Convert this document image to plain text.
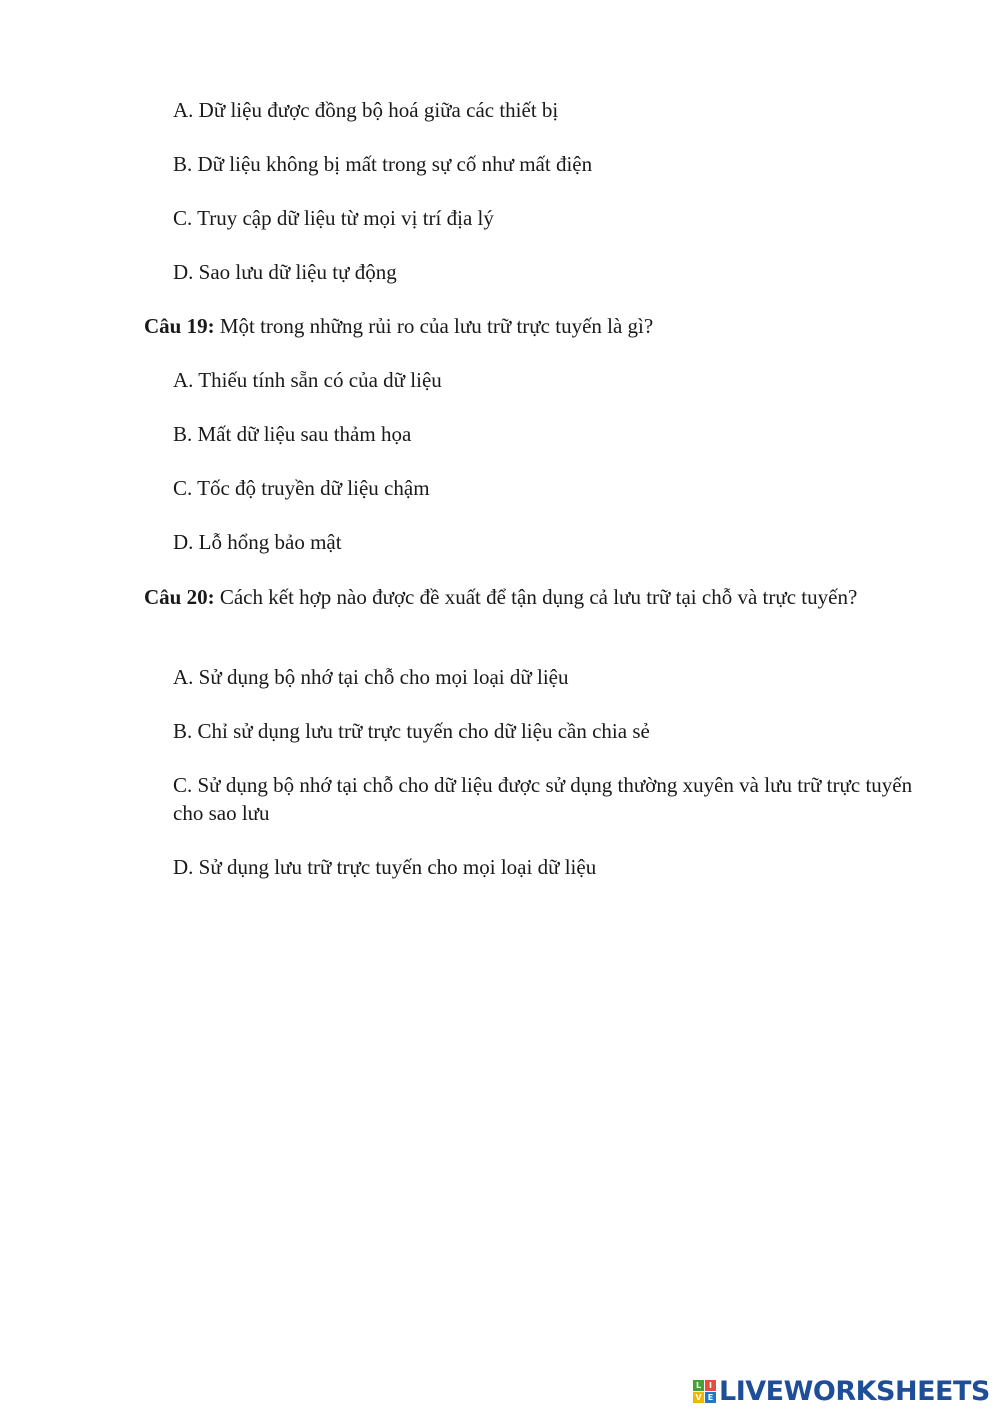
A. Dữ liệu được đồng bộ hoá giữa các thiết bị
B. Dữ liệu không bị mất trong sự cố như mất điện
C. Truy cập dữ liệu từ mọi vị trí địa lý
D. Sao lưu dữ liệu tự động
Câu 19: Một trong những rủi ro của lưu trữ trực tuyến là gì?
A. Thiếu tính sẵn có của dữ liệu
B. Mất dữ liệu sau thảm họa
C. Tốc độ truyền dữ liệu chậm
D. Lỗ hổng bảo mật
Câu 20: Cách kết hợp nào được đề xuất để tận dụng cả lưu trữ tại chỗ và trực tuyến?
A. Sử dụng bộ nhớ tại chỗ cho mọi loại dữ liệu
B. Chỉ sử dụng lưu trữ trực tuyến cho dữ liệu cần chia sẻ
C. Sử dụng bộ nhớ tại chỗ cho dữ liệu được sử dụng thường xuyên và lưu trữ trực tuyến cho sao lưu
D. Sử dụng lưu trữ trực tuyến cho mọi loại dữ liệu
L I
V E LIVEWORKSHEETS
